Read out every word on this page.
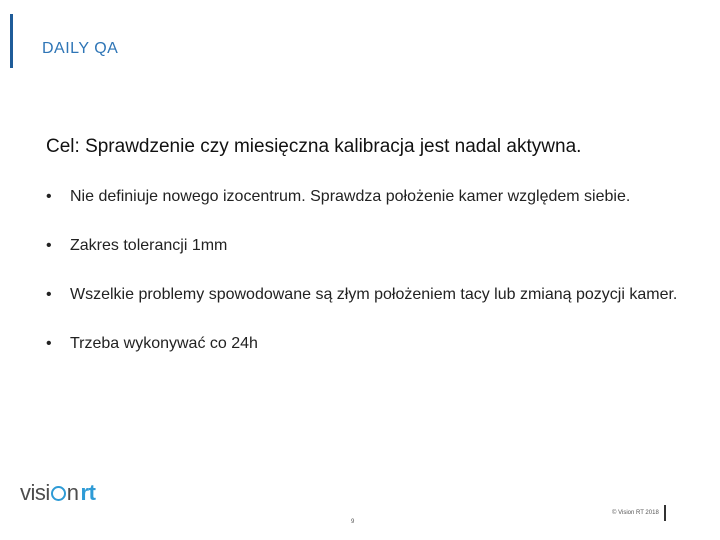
DAILY QA
Cel: Sprawdzenie czy miesięczna kalibracja jest nadal aktywna.
• Nie definiuje nowego izocentrum. Sprawdza położenie kamer względem siebie.
• Zakres tolerancji 1mm
• Wszelkie problemy spowodowane są złym położeniem tacy lub zmianą pozycji kamer.
• Trzeba wykonywać co 24h
visi nrt
9
© Vision RT 2018
